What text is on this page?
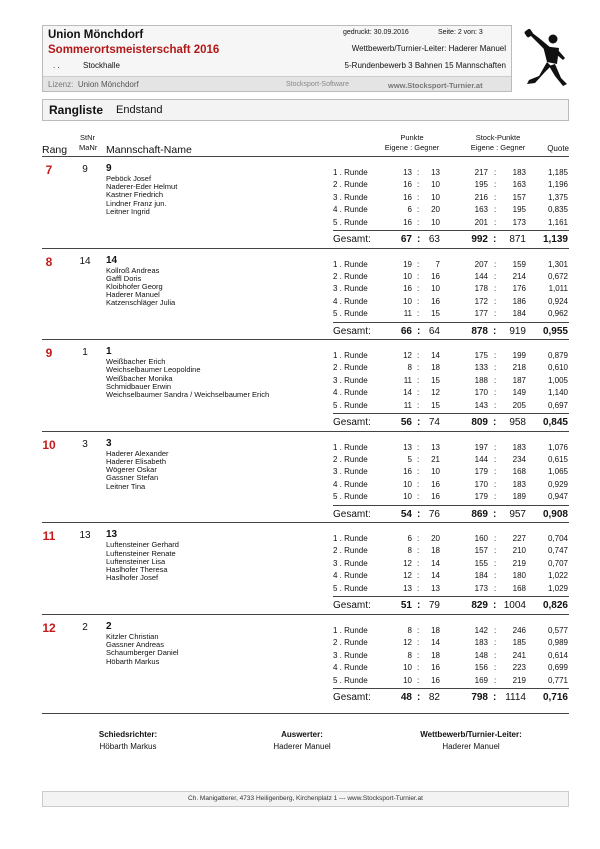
Union Mönchdorf
Sommerortsmeisterschaft 2016
. .	Stockhalle
gedruckt: 30.09.2016	Seite: 2 von: 3
Wettbewerb/Turnier-Leiter: Haderer Manuel
5-Rundenbewerb 3 Bahnen 15 Mannschaften
Lizenz: Union Mönchdorf	Stocksport-Software	www.Stocksport-Turnier.at
Rangliste Endstand
Rang
StNr
MaNr Mannschaft-Name
Punkte
Eigene : Gegner
Stock-Punkte
Eigene : Gegner	Quote
7	9	9
Peböck Josef
Naderer-Eder Helmut
Kastner Friedrich
Lindner Franz jun.
Leitner Ingrid
1 . Runde	13 :	13	217 :	183	1,185
2 . Runde	16 :	10	195 :	163	1,196
3 . Runde	16 :	10	216 :	157	1,375
4 . Runde	6 :	20	163 :	195	0,835
5 . Runde	16 :	10	201 :	173	1,161
Gesamt:	67 : 63	992 :	871	1,139
8	14	14
Kollroß Andreas
Gaffl Doris
Kloibhofer Georg
Haderer Manuel
Katzenschläger Julia
1 . Runde	19 :	7	207 :	159	1,301
2 . Runde	10 :	16	144 :	214	0,672
3 . Runde	16 :	10	178 :	176	1,011
4 . Runde	10 :	16	172 :	186	0,924
5 . Runde	11 :	15	177 :	184	0,962
Gesamt:	66 : 64	878 :	919	0,955
9	1	1
Weißbacher Erich
Weichselbaumer Leopoldine
Weißbacher Monika
Schmidbauer Erwin
Weichselbaumer Sandra / Weichselbaumer Erich
1 . Runde	12 :	14	175 :	199	0,879
2 . Runde	8 :	18	133 :	218	0,610
3 . Runde	11 :	15	188 :	187	1,005
4 . Runde	14 :	12	170 :	149	1,140
5 . Runde	11 :	15	143 :	205	0,697
Gesamt:	56 : 74	809 :	958	0,845
10	3	3
Haderer Alexander
Haderer Elisabeth
Wögerer Oskar
Gassner Stefan
Leitner Tina
1 . Runde	13 :	13	197 :	183	1,076
2 . Runde	5 :	21	144 :	234	0,615
3 . Runde	16 :	10	179 :	168	1,065
4 . Runde	10 :	16	170 :	183	0,929
5 . Runde	10 :	16	179 :	189	0,947
Gesamt:	54 : 76	869 :	957	0,908
11	13	13
Luftensteiner Gerhard
Luftensteiner Renate
Luftensteiner Lisa
Haslhofer Theresa
Haslhofer Josef
1 . Runde	6 :	20	160 :	227	0,704
2 . Runde	8 :	18	157 :	210	0,747
3 . Runde	12 :	14	155 :	219	0,707
4 . Runde	12 :	14	184 :	180	1,022
5 . Runde	13 :	13	173 :	168	1,029
Gesamt:	51 : 79	829 : 1004	0,826
12	2	2
Kitzler Christian
Gassner Andreas
Schaumberger Daniel
Höbarth Markus
1 . Runde	8 :	18	142 :	246	0,577
2 . Runde	12 :	14	183 :	185	0,989
3 . Runde	8 :	18	148 :	241	0,614
4 . Runde	10 :	16	156 :	223	0,699
5 . Runde	10 :	16	169 :	219	0,771
Gesamt:	48 : 82	798 : 1114	0,716
Schiedsrichter:
Höbarth Markus
Auswerter:
Haderer Manuel
Wettbewerb/Turnier-Leiter:
Haderer Manuel
Ch. Manigatterer, 4733 Heiligenberg, Kirchenplatz 1 --- www.Stocksport-Turnier.at
